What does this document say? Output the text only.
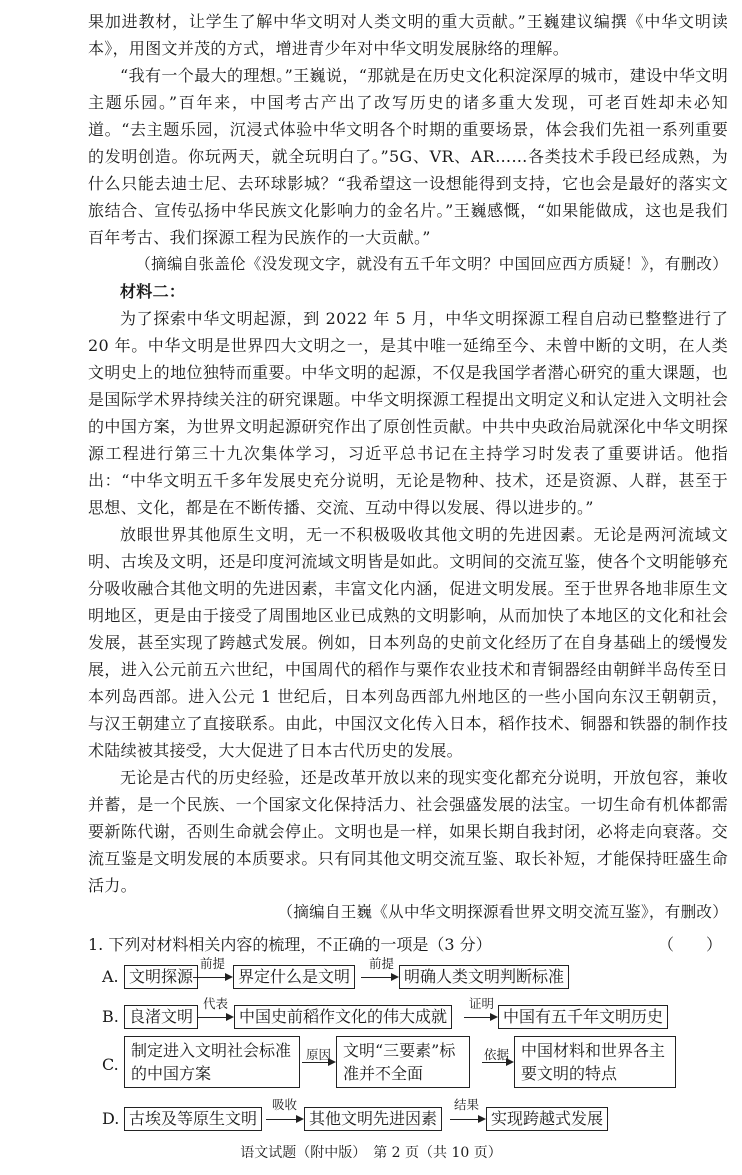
果加进教材，让学生了解中华文明对人类文明的重大贡献。”王巍建议编撰《中华文明读本》，用图文并茂的方式，增进青少年对中华文明发展脉络的理解。

“我有一个最大的理想。”王巍说，“那就是在历史文化积淀深厚的城市，建设中华文明主题乐园。”百年来，中国考古产出了改写历史的诸多重大发现，可老百姓却未必知道。“去主题乐园，沉浸式体验中华文明各个时期的重要场景，体会我们先祖一系列重要的发明创造。你玩两天，就全玩明白了。”5G、VR、AR……各类技术手段已经成熟，为什么只能去迪士尼、去环球影城？“我希望这一设想能得到支持，它也会是最好的落实文旅结合、宣传弘扬中华民族文化影响力的金名片。”王巍感慨，“如果能做成，这也是我们百年考古、我们探源工程为民族作的一大贡献。”

（摘编自张盖伦《没发现文字，就没有五千年文明？中国回应西方质疑！》，有删改）

材料二：

为了探索中华文明起源，到 2022 年 5 月，中华文明探源工程自启动已整整进行了 20 年。中华文明是世界四大文明之一，是其中唯一延绵至今、未曾中断的文明，在人类文明史上的地位独特而重要。中华文明的起源，不仅是我国学者潜心研究的重大课题，也是国际学术界持续关注的研究课题。中华文明探源工程提出文明定义和认定进入文明社会的中国方案，为世界文明起源研究作出了原创性贡献。中共中央政治局就深化中华文明探源工程进行第三十九次集体学习，习近平总书记在主持学习时发表了重要讲话。他指出：“中华文明五千多年发展史充分说明，无论是物种、技术，还是资源、人群，甚至于思想、文化，都是在不断传播、交流、互动中得以发展、得以进步的。”

放眼世界其他原生文明，无一不积极吸收其他文明的先进因素。无论是两河流域文明、古埃及文明，还是印度河流域文明皆是如此。文明间的交流互鉴，使各个文明能够充分吸收融合其他文明的先进因素，丰富文化内涵，促进文明发展。至于世界各地非原生文明地区，更是由于接受了周围地区业已成熟的文明影响，从而加快了本地区的文化和社会发展，甚至实现了跨越式发展。例如，日本列岛的史前文化经历了在自身基础上的缓慢发展，进入公元前五六世纪，中国周代的稻作与粟作农业技术和青铜器经由朝鲜半岛传至日本列岛西部。进入公元 1 世纪后，日本列岛西部九州地区的一些小国向东汉王朝朝贡，与汉王朝建立了直接联系。由此，中国汉文化传入日本，稻作技术、铜器和铁器的制作技术陆续被其接受，大大促进了日本古代历史的发展。

无论是古代的历史经验，还是改革开放以来的现实变化都充分说明，开放包容，兼收并蓄，是一个民族、一个国家文化保持活力、社会强盛发展的法宝。一切生命有机体都需要新陈代谢，否则生命就会停止。文明也是一样，如果长期自我封闭，必将走向衰落。交流互鉴是文明发展的本质要求。只有同其他文明交流互鉴、取长补短，才能保持旺盛生命活力。

（摘编自王巍《从中华文明探源看世界文明交流互鉴》，有删改）

1. 下列对材料相关内容的梳理，不正确的一项是（3 分）	（　　）
A. 文明探源
前提
界定什么是文明
前提
明确人类文明判断标准
B. 良渚文明
代表
中国史前稻作文化的伟大成就
证明
中国有五千年文明历史
C.
制定进入文明社会标准的中国方案
原因 文明“三要素”标准并不全面
依据 中国材料和世界各主要文明的特点
D. 古埃及等原生文明
吸收
其他文明先进因素
结果
实现跨越式发展
语文试题（附中版）　第 2 页（共 10 页）
